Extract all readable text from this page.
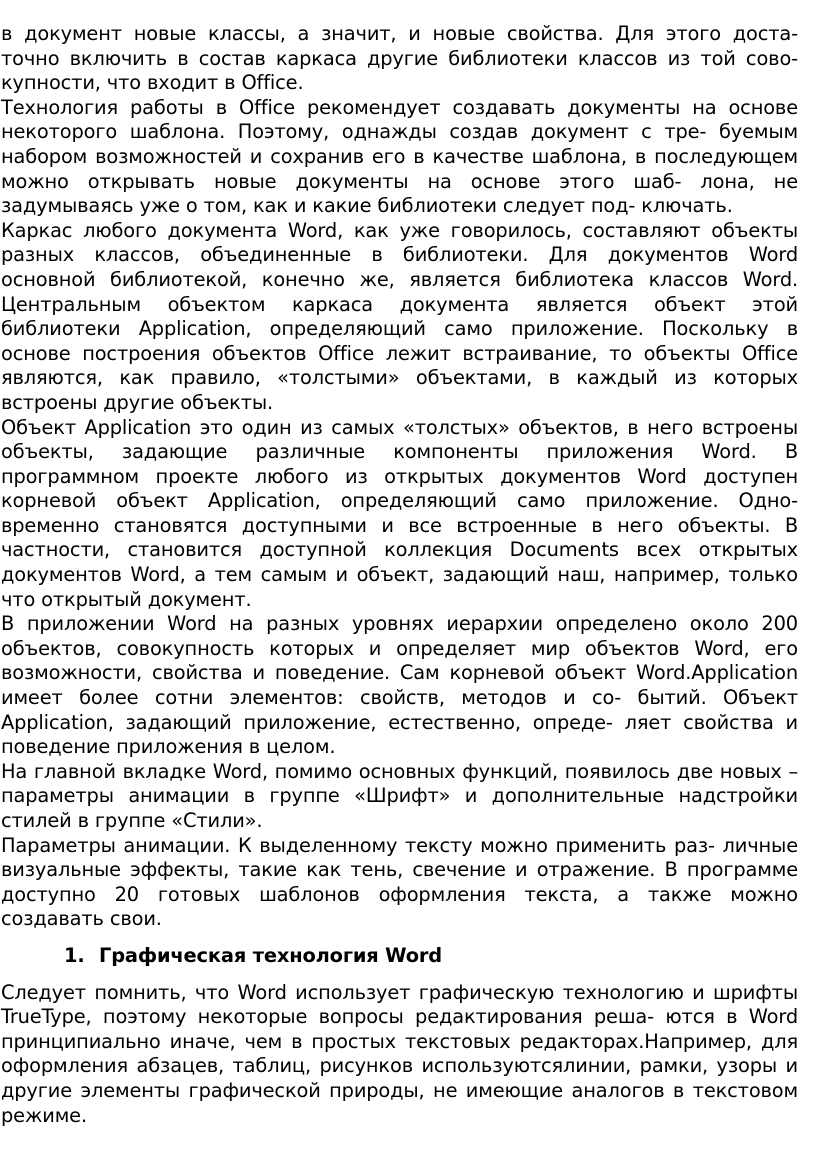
в документ новые классы, а значит, и новые свойства. Для этого доста- точно включить в состав каркаса другие библиотеки классов из той сово- купности, что входит в Office.

Технология работы в Office рекомендует создавать документы на основе некоторого шаблона. Поэтому, однажды создав документ с тре- буемым набором возможностей и сохранив его в качестве шаблона, в последующем можно открывать новые документы на основе этого шаб- лона, не задумываясь уже о том, как и какие библиотеки следует под- ключать.

Каркас любого документа Word, как уже говорилось, составляют объекты разных классов, объединенные в библиотеки. Для документов Word основной библиотекой, конечно же, является библиотека классов Word. Центральным объектом каркаса документа является объект этой библиотеки Application, определяющий само приложение. Поскольку в основе построения объектов Office лежит встраивание, то объекты Office являются, как правило, «толстыми» объектами, в каждый из которых встроены другие объекты.

Объект Application это один из самых «толстых» объектов, в него встроены объекты, задающие различные компоненты приложения Word. В программном проекте любого из открытых документов Word доступен корневой объект Application, определяющий само приложение. Одно- временно становятся доступными и все встроенные в него объекты. В частности, становится доступной коллекция Documents всех открытых документов Word, а тем самым и объект, задающий наш, например, только что открытый документ.

В приложении Word на разных уровнях иерархии определено около 200 объектов, совокупность которых и определяет мир объектов Word, его возможности, свойства и поведение. Сам корневой объект Word.Application имеет более сотни элементов: свойств, методов и со- бытий. Объект Application, задающий приложение, естественно, опреде- ляет свойства и поведение приложения в целом.

На главной вкладке Word, помимо основных функций, появилось две новых – параметры анимации в группе «Шрифт» и дополнительные надстройки стилей в группе «Стили».

Параметры анимации. К выделенному тексту можно применить раз- личные визуальные эффекты, такие как тень, свечение и отражение. В программе доступно 20 готовых шаблонов оформления текста, а также можно создавать свои.

1. Графическая технология Word

Следует помнить, что Word использует графическую технологию и шрифты TrueType, поэтому некоторые вопросы редактирования реша- ются в Word принципиально иначе, чем в простых текстовых редакторах.Например, для оформления абзацев, таблиц, рисунков используютсялинии, рамки, узоры и другие элементы графической природы, не имеющие аналогов в текстовом режиме.
